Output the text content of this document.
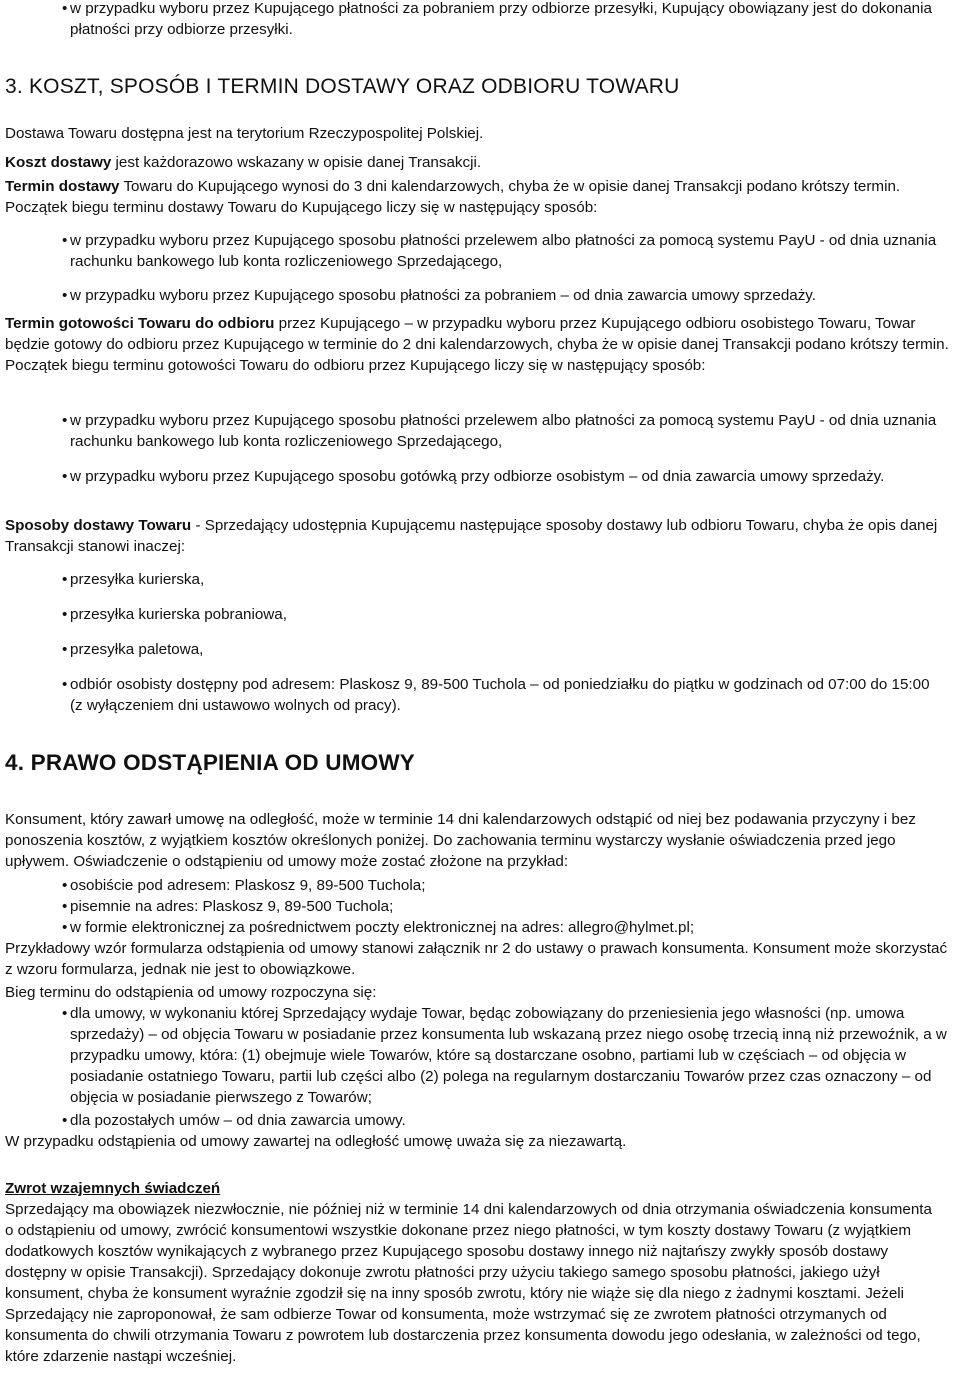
• w przypadku wyboru przez Kupującego płatności za pobraniem przy odbiorze przesyłki, Kupujący obowiązany jest do dokonania płatności przy odbiorze przesyłki.
3. KOSZT, SPOSÓB I TERMIN DOSTAWY ORAZ ODBIORU TOWARU

Dostawa Towaru dostępna jest na terytorium Rzeczypospolitej Polskiej.

Koszt dostawy jest każdorazowo wskazany w opisie danej Transakcji.

Termin dostawy Towaru do Kupującego wynosi do 3 dni kalendarzowych, chyba że w opisie danej Transakcji podano krótszy termin. Początek biegu terminu dostawy Towaru do Kupującego liczy się w następujący sposób:

• w przypadku wyboru przez Kupującego sposobu płatności przelewem albo płatności za pomocą systemu PayU - od dnia uznania rachunku bankowego lub konta rozliczeniowego Sprzedającego,
• w przypadku wyboru przez Kupującego sposobu płatności za pobraniem – od dnia zawarcia umowy sprzedaży.

Termin gotowości Towaru do odbioru przez Kupującego – w przypadku wyboru przez Kupującego odbioru osobistego Towaru, Towar będzie gotowy do odbioru przez Kupującego w terminie do 2 dni kalendarzowych, chyba że w opisie danej Transakcji podano krótszy termin. Początek biegu terminu gotowości Towaru do odbioru przez Kupującego liczy się w następujący sposób:

• w przypadku wyboru przez Kupującego sposobu płatności przelewem albo płatności za pomocą systemu PayU - od dnia uznania rachunku bankowego lub konta rozliczeniowego Sprzedającego,
• w przypadku wyboru przez Kupującego sposobu gotówką przy odbiorze osobistym – od dnia zawarcia umowy sprzedaży.

Sposoby dostawy Towaru - Sprzedający udostępnia Kupującemu następujące sposoby dostawy lub odbioru Towaru, chyba że opis danej Transakcji stanowi inaczej:

• przesyłka kurierska,
• przesyłka kurierska pobraniowa,
• przesyłka paletowa,
• odbiór osobisty dostępny pod adresem: Plaskosz 9, 89-500 Tuchola – od poniedziałku do piątku w godzinach od 07:00 do 15:00 (z wyłączeniem dni ustawowo wolnych od pracy).
4. PRAWO ODSTĄPIENIA OD UMOWY

Konsument, który zawarł umowę na odległość, może w terminie 14 dni kalendarzowych odstąpić od niej bez podawania przyczyny i bez ponoszenia kosztów, z wyjątkiem kosztów określonych poniżej. Do zachowania terminu wystarczy wysłanie oświadczenia przed jego upływem. Oświadczenie o odstąpieniu od umowy może zostać złożone na przykład:

• osobiście pod adresem: Plaskosz 9, 89-500 Tuchola;
• pisemnie na adres: Plaskosz 9, 89-500 Tuchola;
• w formie elektronicznej za pośrednictwem poczty elektronicznej na adres: allegro@hylmet.pl;

Przykładowy wzór formularza odstąpienia od umowy stanowi załącznik nr 2 do ustawy o prawach konsumenta. Konsument może skorzystać z wzoru formularza, jednak nie jest to obowiązkowe.

Bieg terminu do odstąpienia od umowy rozpoczyna się:

• dla umowy, w wykonaniu której Sprzedający wydaje Towar, będąc zobowiązany do przeniesienia jego własności (np. umowa sprzedaży) – od objęcia Towaru w posiadanie przez konsumenta lub wskazaną przez niego osobę trzecią inną niż przewoźnik, a w przypadku umowy, która: (1) obejmuje wiele Towarów, które są dostarczane osobno, partiami lub w częściach – od objęcia w posiadanie ostatniego Towaru, partii lub części albo (2) polega na regularnym dostarczaniu Towarów przez czas oznaczony – od objęcia w posiadanie pierwszego z Towarów;
• dla pozostałych umów – od dnia zawarcia umowy.

W przypadku odstąpienia od umowy zawartej na odległość umowę uważa się za niezawartą.

Zwrot wzajemnych świadczeń

Sprzedający ma obowiązek niezwłocznie, nie później niż w terminie 14 dni kalendarzowych od dnia otrzymania oświadczenia konsumenta o odstąpieniu od umowy, zwrócić konsumentowi wszystkie dokonane przez niego płatności, w tym koszty dostawy Towaru (z wyjątkiem dodatkowych kosztów wynikających z wybranego przez Kupującego sposobu dostawy innego niż najtańszy zwykły sposób dostawy dostępny w opisie Transakcji). Sprzedający dokonuje zwrotu płatności przy użyciu takiego samego sposobu płatności, jakiego użył konsument, chyba że konsument wyraźnie zgodził się na inny sposób zwrotu, który nie wiąże się dla niego z żadnymi kosztami. Jeżeli Sprzedający nie zaproponował, że sam odbierze Towar od konsumenta, może wstrzymać się ze zwrotem płatności otrzymanych od konsumenta do chwili otrzymania Towaru z powrotem lub dostarczenia przez konsumenta dowodu jego odesłania, w zależności od tego, które zdarzenie nastąpi wcześniej.
